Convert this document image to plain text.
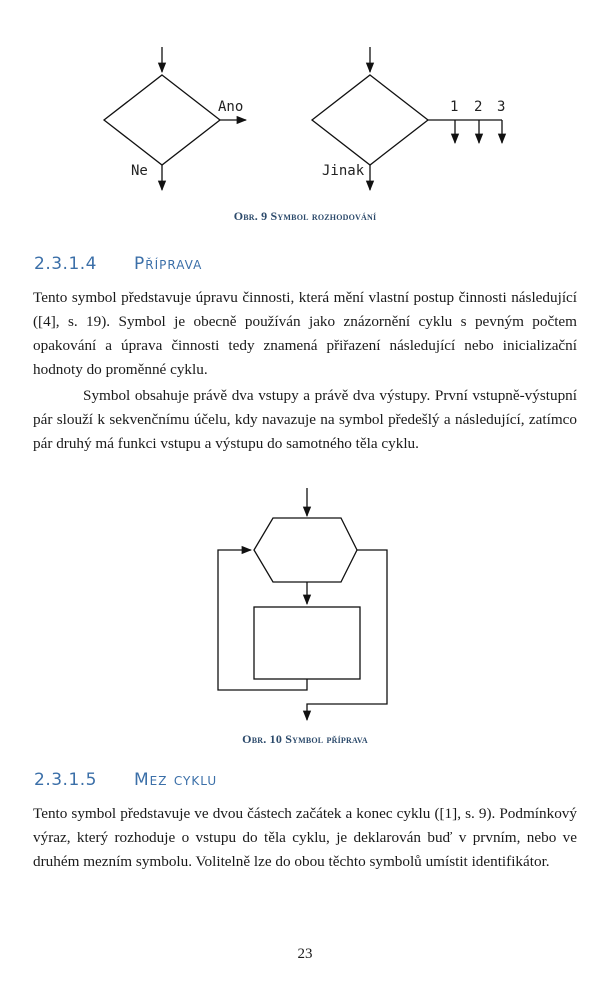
Ano
Ne
1 2 3
Jinak
Obr. 9 Symbol rozhodování
2.3.1.4 Příprava

Tento symbol představuje úpravu činnosti, která mění vlastní postup činnosti následující ([4], s. 19). Symbol je obecně používán jako znázornění cyklu s pevným počtem opakování a úprava činnosti tedy znamená přiřazení následující nebo inicializační hodnoty do proměnné cyklu.

Symbol obsahuje právě dva vstupy a právě dva výstupy. První vstupně-výstupní pár slouží k sekvenčnímu účelu, kdy navazuje na symbol předešlý a následující, zatímco pár druhý má funkci vstupu a výstupu do samotného těla cyklu.

Obr. 10 Symbol příprava
2.3.1.5 Mez cyklu

Tento symbol představuje ve dvou částech začátek a konec cyklu ([1], s. 9). Podmínkový výraz, který rozhoduje o vstupu do těla cyklu, je deklarován buď v prvním, nebo ve druhém mezním symbolu. Volitelně lze do obou těchto symbolů umístit identifikátor.

23
